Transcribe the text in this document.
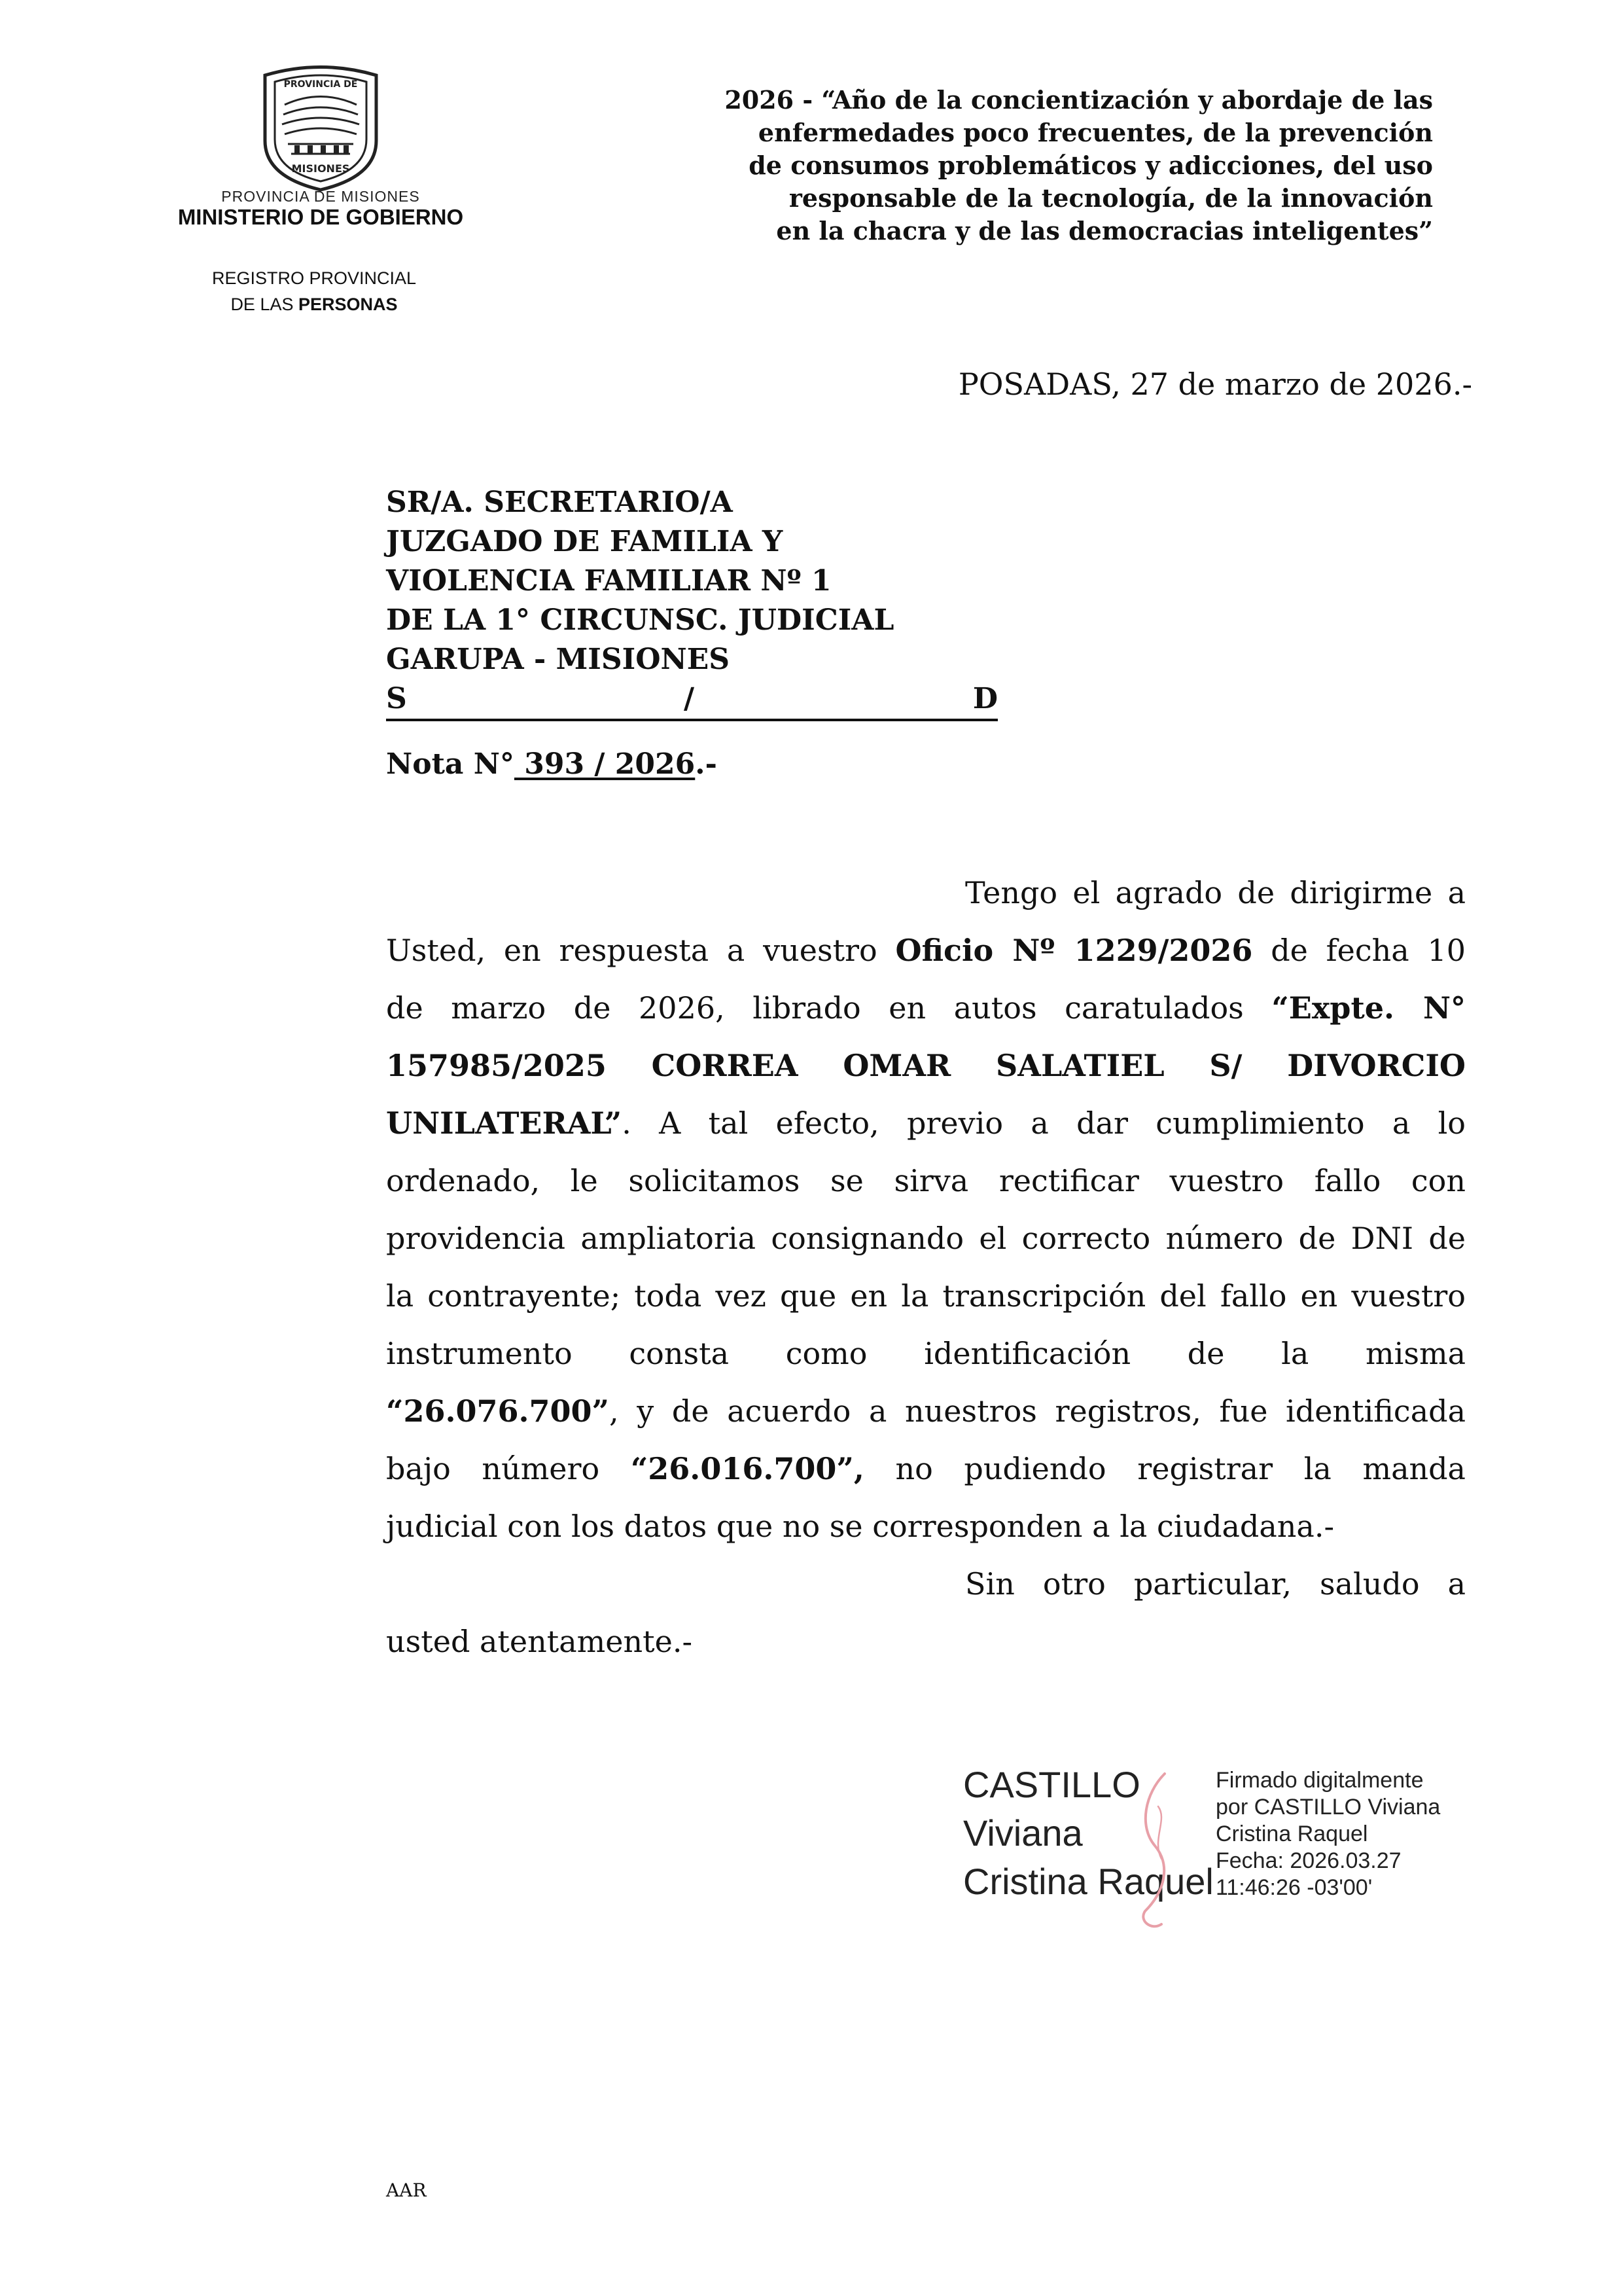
PROVINCIA DE
MISIONES
PROVINCIA DE MISIONES
MINISTERIO DE GOBIERNO
REGISTRO PROVINCIAL
DE LAS PERSONAS
2026 - “Año de la concientización y abordaje de las
enfermedades poco frecuentes, de la prevención
de consumos problemáticos y adicciones, del uso
responsable de la tecnología, de la innovación
en la chacra y de las democracias inteligentes”
POSADAS, 27 de marzo de 2026.-
SR/A. SECRETARIO/A
JUZGADO DE FAMILIA Y
VIOLENCIA FAMILIAR Nº 1
DE LA 1° CIRCUNSC. JUDICIAL
GARUPA - MISIONES
S	/	D
Nota N° 393 / 2026.-
Tengo el agrado de dirigirme a
Usted, en respuesta a vuestro Oficio Nº 1229/2026 de fecha 10
de marzo de 2026, librado en autos caratulados “Expte. N°
157985/2025 CORREA OMAR SALATIEL S/ DIVORCIO
UNILATERAL”. A tal efecto, previo a dar cumplimiento a lo
ordenado, le solicitamos se sirva rectificar vuestro fallo con
providencia ampliatoria consignando el correcto número de DNI de
la contrayente; toda vez que en la transcripción del fallo en vuestro
instrumento consta como identificación de la misma
“26.076.700”, y de acuerdo a nuestros registros, fue identificada
bajo número “26.016.700”, no pudiendo registrar la manda
judicial con los datos que no se corresponden a la ciudadana.-
Sin otro particular, saludo a
usted atentamente.-
CASTILLO
Viviana
Cristina Raquel
Firmado digitalmente
por CASTILLO Viviana
Cristina Raquel
Fecha: 2026.03.27
11:46:26 -03'00'
AAR
